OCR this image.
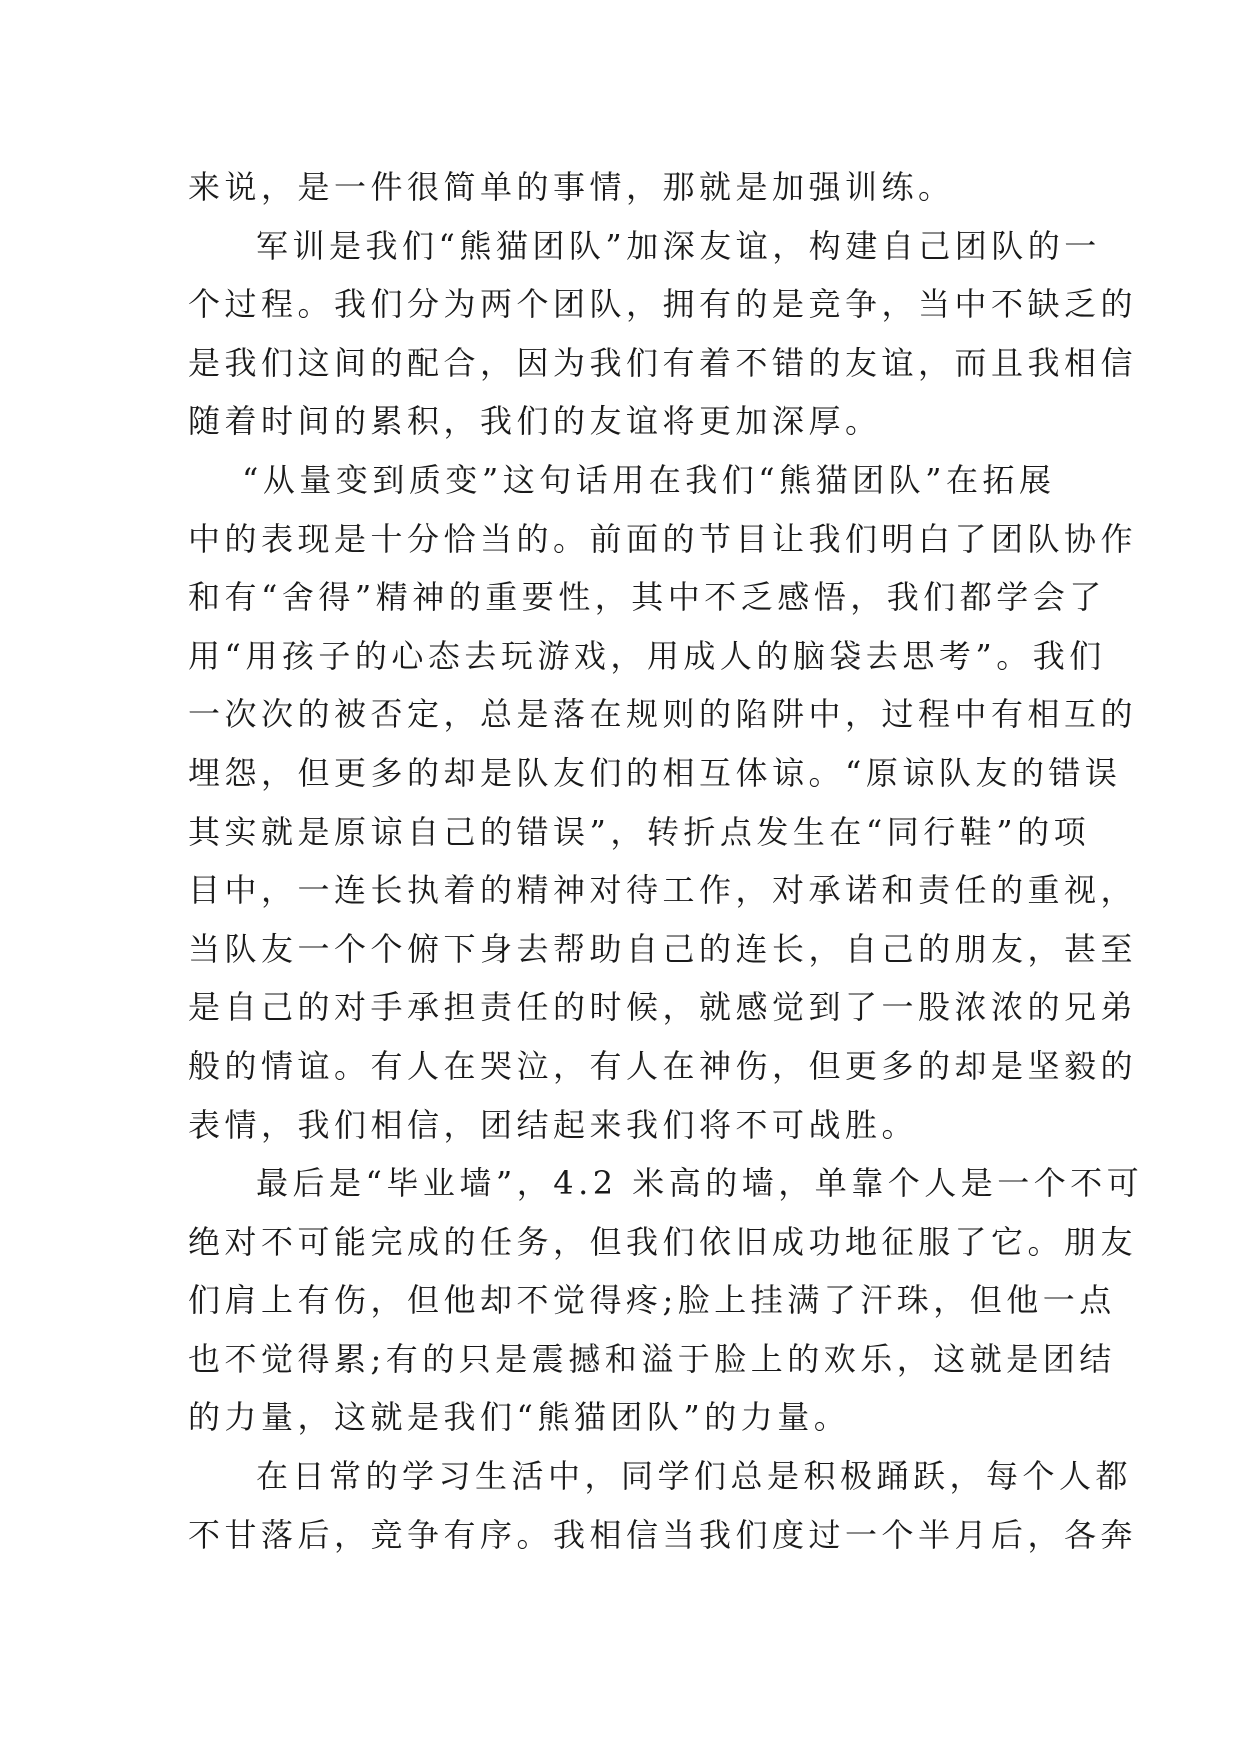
来说，是一件很简单的事情，那就是加强训练。
军训是我们“熊猫团队”加深友谊，构建自己团队的一
个过程。我们分为两个团队，拥有的是竞争，当中不缺乏的
是我们这间的配合，因为我们有着不错的友谊，而且我相信
随着时间的累积，我们的友谊将更加深厚。
“从量变到质变”这句话用在我们“熊猫团队”在拓展
中的表现是十分恰当的。前面的节目让我们明白了团队协作
和有“舍得”精神的重要性，其中不乏感悟，我们都学会了
用“用孩子的心态去玩游戏，用成人的脑袋去思考”。我们
一次次的被否定，总是落在规则的陷阱中，过程中有相互的
埋怨，但更多的却是队友们的相互体谅。“原谅队友的错误
其实就是原谅自己的错误”，转折点发生在“同行鞋”的项
目中，一连长执着的精神对待工作，对承诺和责任的重视，
当队友一个个俯下身去帮助自己的连长，自己的朋友，甚至
是自己的对手承担责任的时候，就感觉到了一股浓浓的兄弟
般的情谊。有人在哭泣，有人在神伤，但更多的却是坚毅的
表情，我们相信，团结起来我们将不可战胜。
最后是“毕业墙”，4.2 米高的墙，单靠个人是一个不可
绝对不可能完成的任务，但我们依旧成功地征服了它。朋友
们肩上有伤，但他却不觉得疼;脸上挂满了汗珠，但他一点
也不觉得累;有的只是震撼和溢于脸上的欢乐，这就是团结
的力量，这就是我们“熊猫团队”的力量。
在日常的学习生活中，同学们总是积极踊跃，每个人都
不甘落后，竞争有序。我相信当我们度过一个半月后，各奔
